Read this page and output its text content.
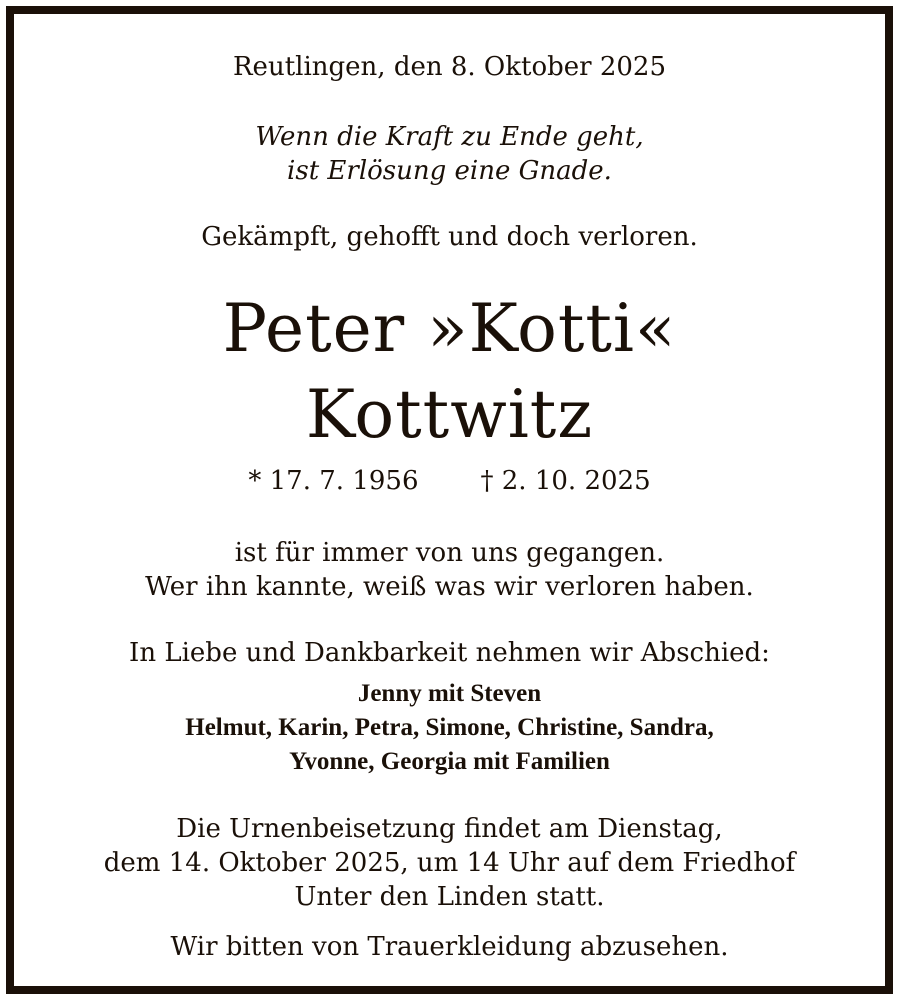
Reutlingen, den 8. Oktober 2025
Wenn die Kraft zu Ende geht,
ist Erlösung eine Gnade.
Gekämpft, gehofft und doch verloren.
Peter »Kotti«
Kottwitz
* 17. 7. 1956 † 2. 10. 2025
ist für immer von uns gegangen.
Wer ihn kannte, weiß was wir verloren haben.
In Liebe und Dankbarkeit nehmen wir Abschied:
Jenny mit Steven
Helmut, Karin, Petra, Simone, Christine, Sandra,
Yvonne, Georgia mit Familien
Die Urnenbeisetzung findet am Dienstag,
dem 14. Oktober 2025, um 14 Uhr auf dem Friedhof
Unter den Linden statt.
Wir bitten von Trauerkleidung abzusehen.
